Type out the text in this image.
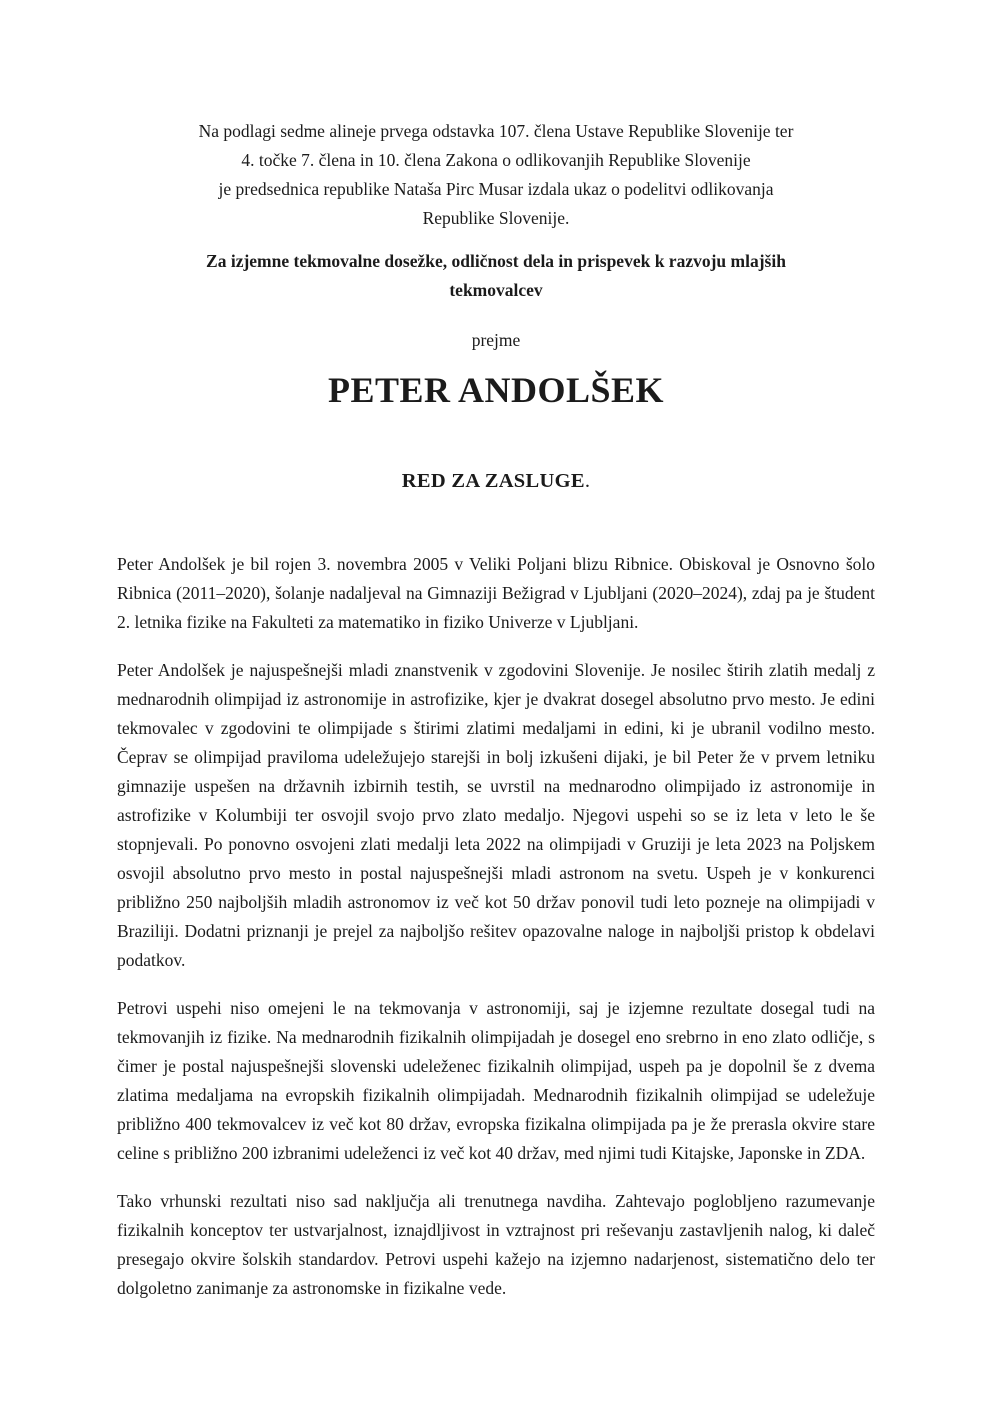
Na podlagi sedme alineje prvega odstavka 107. člena Ustave Republike Slovenije ter
4. točke 7. člena in 10. člena Zakona o odlikovanjih Republike Slovenije
je predsednica republike Nataša Pirc Musar izdala ukaz o podelitvi odlikovanja
Republike Slovenije.
Za izjemne tekmovalne dosežke, odličnost dela in prispevek k razvoju mlajših
tekmovalcev
prejme
PETER ANDOLŠEK
RED ZA ZASLUGE.

Peter Andolšek je bil rojen 3. novembra 2005 v Veliki Poljani blizu Ribnice. Obiskoval je Osnovno šolo Ribnica (2011–2020), šolanje nadaljeval na Gimnaziji Bežigrad v Ljubljani (2020–2024), zdaj pa je študent 2. letnika fizike na Fakulteti za matematiko in fiziko Univerze v Ljubljani.

Peter Andolšek je najuspešnejši mladi znanstvenik v zgodovini Slovenije. Je nosilec štirih zlatih medalj z mednarodnih olimpijad iz astronomije in astrofizike, kjer je dvakrat dosegel absolutno prvo mesto. Je edini tekmovalec v zgodovini te olimpijade s štirimi zlatimi medaljami in edini, ki je ubranil vodilno mesto. Čeprav se olimpijad praviloma udeležujejo starejši in bolj izkušeni dijaki, je bil Peter že v prvem letniku gimnazije uspešen na državnih izbirnih testih, se uvrstil na mednarodno olimpijado iz astronomije in astrofizike v Kolumbiji ter osvojil svojo prvo zlato medaljo. Njegovi uspehi so se iz leta v leto le še stopnjevali. Po ponovno osvojeni zlati medalji leta 2022 na olimpijadi v Gruziji je leta 2023 na Poljskem osvojil absolutno prvo mesto in postal najuspešnejši mladi astronom na svetu. Uspeh je v konkurenci približno 250 najboljših mladih astronomov iz več kot 50 držav ponovil tudi leto pozneje na olimpijadi v Braziliji. Dodatni priznanji je prejel za najboljšo rešitev opazovalne naloge in najboljši pristop k obdelavi podatkov.

Petrovi uspehi niso omejeni le na tekmovanja v astronomiji, saj je izjemne rezultate dosegal tudi na tekmovanjih iz fizike. Na mednarodnih fizikalnih olimpijadah je dosegel eno srebrno in eno zlato odličje, s čimer je postal najuspešnejši slovenski udeleženec fizikalnih olimpijad, uspeh pa je dopolnil še z dvema zlatima medaljama na evropskih fizikalnih olimpijadah. Mednarodnih fizikalnih olimpijad se udeležuje približno 400 tekmovalcev iz več kot 80 držav, evropska fizikalna olimpijada pa je že prerasla okvire stare celine s približno 200 izbranimi udeleženci iz več kot 40 držav, med njimi tudi Kitajske, Japonske in ZDA.

Tako vrhunski rezultati niso sad naključja ali trenutnega navdiha. Zahtevajo poglobljeno razumevanje fizikalnih konceptov ter ustvarjalnost, iznajdljivost in vztrajnost pri reševanju zastavljenih nalog, ki daleč presegajo okvire šolskih standardov. Petrovi uspehi kažejo na izjemno nadarjenost, sistematično delo ter dolgoletno zanimanje za astronomske in fizikalne vede.
